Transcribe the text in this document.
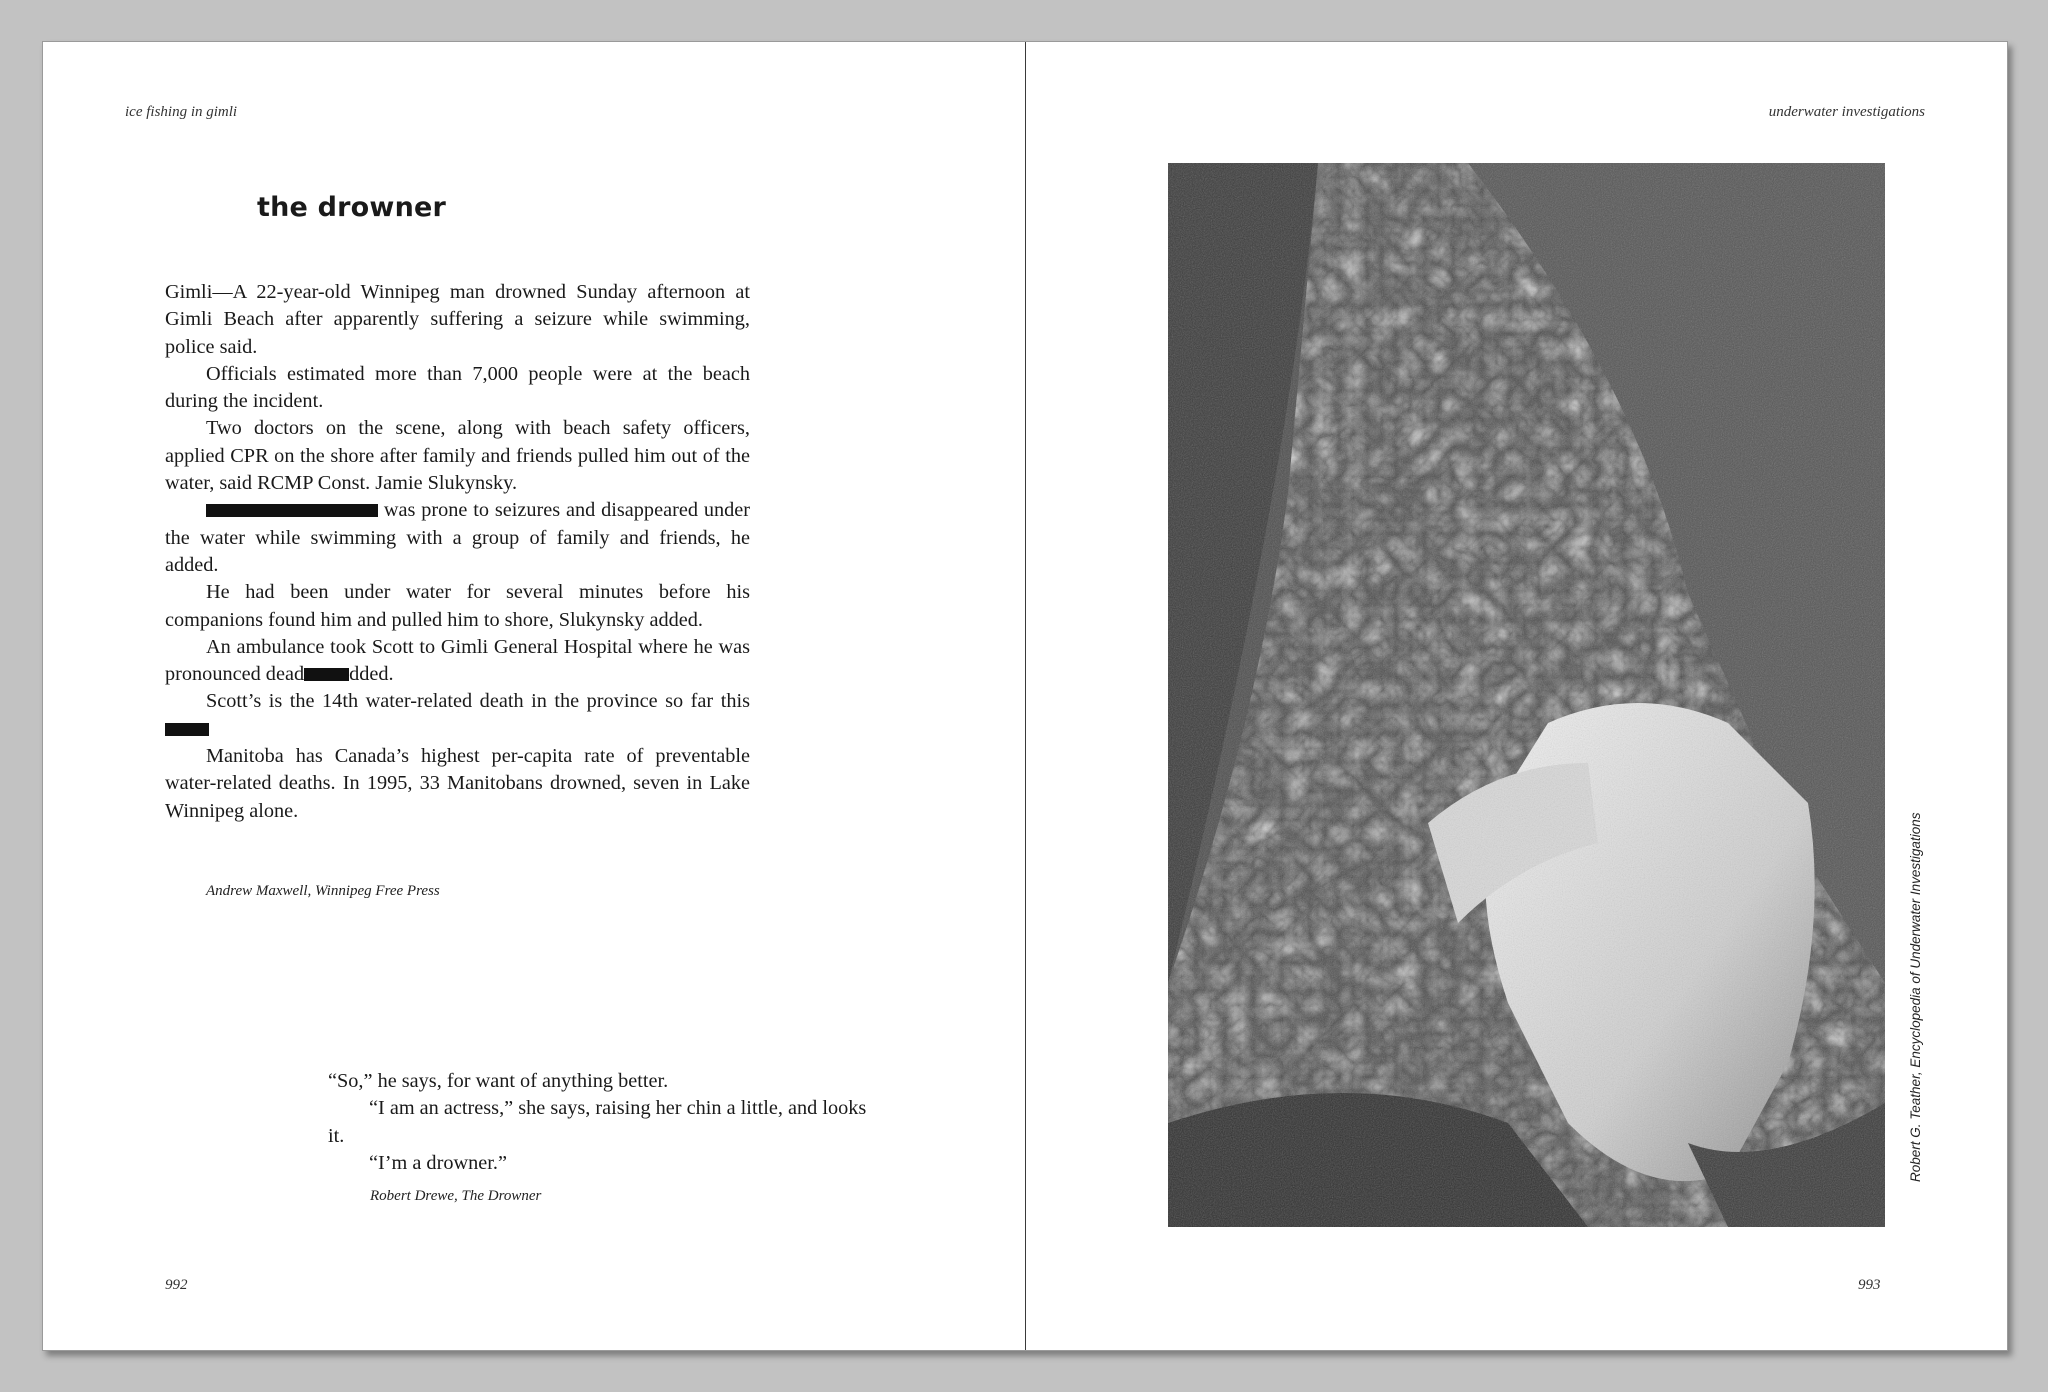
ice fishing in gimli
the drowner

Gimli—A 22-year-old Winnipeg man drowned Sunday afternoon at Gimli Beach after apparently suffering a seizure while swimming, police said.

Officials estimated more than 7,000 people were at the beach during the incident.

Two doctors on the scene, along with beach safety officers, applied CPR on the shore after family and friends pulled him out of the water, said RCMP Const. Jamie Slukynsky.

was prone to seizures and disappeared under the water while swimming with a group of family and friends, he added.

He had been under water for several minutes before his companions found him and pulled him to shore, Slukynsky added.

An ambulance took Scott to Gimli General Hospital where he was pronounced dead dded.

Scott’s is the 14th water-related death in the province so far this

Manitoba has Canada’s highest per-capita rate of preventable water-related deaths. In 1995, 33 Manitobans drowned, seven in Lake Winnipeg alone.

Andrew Maxwell, Winnipeg Free Press

“So,” he says, for want of anything better.

“I am an actress,” she says, raising her chin a little, and looks it.

“I’m a drowner.”

Robert Drewe, The Drowner
992
underwater investigations
Robert G. Teather, Encyclopedia of Underwater Investigations
993
